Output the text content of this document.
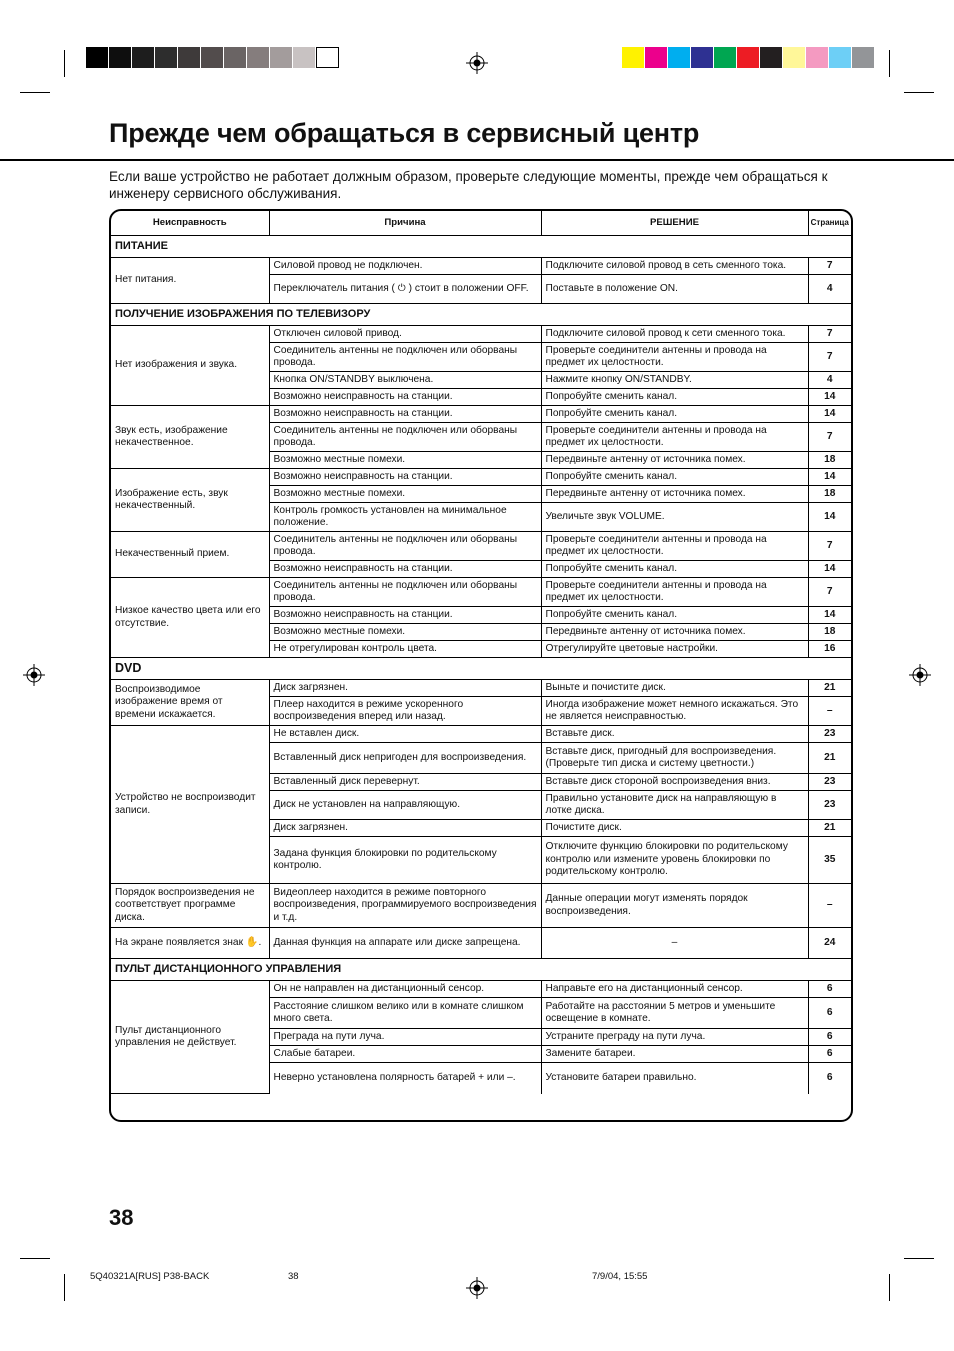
Прежде чем обращаться в сервисный центр
Если ваше устройство не работает должным образом, проверьте следующие моменты, прежде чем обращаться к инженеру сервисного обслуживания.
Неисправность	Причина	РЕШЕНИЕ	Страница
ПИТАНИЕ			
Нет питания.	Силовой провод не подключен.	Подключите силовой провод в сеть сменного тока.	7
	Переключатель питания ( ⏻ ) стоит в положении OFF.	Поставьте в положение ON.	4
ПОЛУЧЕНИЕ ИЗОБРАЖЕНИЯ ПО ТЕЛЕВИЗОРУ			
Нет изображения и звука.	Отключен силовой привод.	Подключите силовой провод к сети сменного тока.	7
	Соединитель антенны не подключен или оборваны провода.	Проверьте соединители антенны и провода на предмет их целостности.	7
	Кнопка ON/STANDBY выключена.	Нажмите кнопку ON/STANDBY.	4
	Возможно неисправность на станции.	Попробуйте сменить канал.	14
Звук есть, изображение некачественное.	Возможно неисправность на станции.	Попробуйте сменить канал.	14
	Соединитель антенны не подключен или оборваны провода.	Проверьте соединители антенны и провода на предмет их целостности.	7
	Возможно местные помехи.	Передвиньте антенну от источника помех.	18
Изображение есть, звук некачественный.	Возможно неисправность на станции.	Попробуйте сменить канал.	14
	Возможно местные помехи.	Передвиньте антенну от источника помех.	18
	Контроль громкость установлен на минимальное положение.	Увеличьте звук VOLUME.	14
Некачественный прием.	Соединитель антенны не подключен или оборваны провода.	Проверьте соединители антенны и провода на предмет их целостности.	7
	Возможно неисправность на станции.	Попробуйте сменить канал.	14
Низкое качество цвета или его отсутствие.	Соединитель антенны не подключен или оборваны провода.	Проверьте соединители антенны и провода на предмет их целостности.	7
	Возможно неисправность на станции.	Попробуйте сменить канал.	14
	Возможно местные помехи.	Передвиньте антенну от источника помех.	18
	Не отрегулирован контроль цвета.	Отрегулируйте цветовые настройки.	16
DVD			
Воспроизводимое изображение время от времени искажается.	Диск загрязнен.	Выньте и почистите диск.	21
	Плеер находится в режиме ускоренного воспроизведения вперед или назад.	Иногда изображение может немного искажаться. Это не является неисправностью.	–
Устройство не воспроизводит записи.	Не вставлен диск.	Вставьте диск.	23
	Вставленный диск непригоден для воспроизведения.	Вставьте диск, пригодный для воспроизведения. (Проверьте тип диска и систему цветности.)	21
	Вставленный диск перевернут.	Вставьте диск стороной воспроизведения вниз.	23
	Диск не установлен на направляющую.	Правильно установите диск на направляющую в лотке диска.	23
	Диск загрязнен.	Почистите диск.	21
	Задана функция блокировки по родительскому контролю.	Отключите функцию блокировки по родительскому контролю или измените уровень блокировки по родительскому контролю.	35
Порядок воспроизведения не соответствует программе диска.	Видеоплеер находится в режиме повторного воспроизведения, программируемого воспроизведения и т.д.	Данные операции могут изменять порядок воспроизведения.	–
На экране появляется знак ✋.	Данная функция на аппарате или диске запрещена.	–	24
ПУЛЬТ ДИСТАНЦИОННОГО УПРАВЛЕНИЯ			
Пульт дистанционного управления не действует.	Он не направлен на дистанционный сенсор.	Направьте его на дистанционный сенсор.	6
	Расстояние слишком велико или в комнате слишком много света.	Работайте на расстоянии 5 метров и уменьшите освещение в комнате.	6
	Преграда на пути луча.	Устраните преграду на пути луча.	6
	Слабые батареи.	Замените батареи.	6
	Неверно установлена полярность батарей + или –.	Установите батареи правильно.	6
38
5Q40321A[RUS] P38-BACK	38	7/9/04, 15:55
